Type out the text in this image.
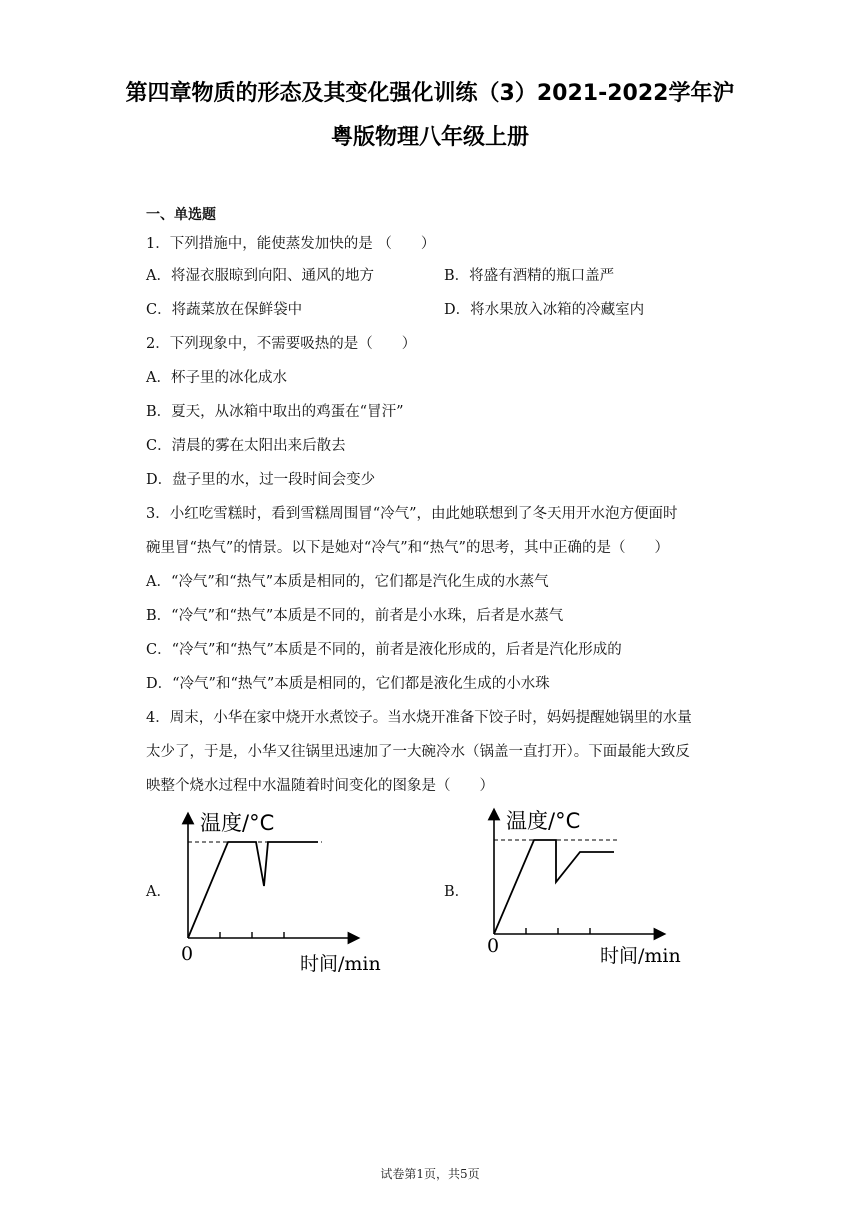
第四章物质的形态及其变化强化训练（3）2021-2022学年沪
粤版物理八年级上册
一、单选题
1．下列措施中，能使蒸发加快的是 （　　）
A．将湿衣服晾到向阳、通风的地方	B．将盛有酒精的瓶口盖严
C．将蔬菜放在保鲜袋中	D．将水果放入冰箱的冷藏室内
2．下列现象中，不需要吸热的是（　　）
A．杯子里的冰化成水
B．夏天，从冰箱中取出的鸡蛋在“冒汗”
C．清晨的雾在太阳出来后散去
D．盘子里的水，过一段时间会变少
3．小红吃雪糕时，看到雪糕周围冒“冷气”，由此她联想到了冬天用开水泡方便面时
碗里冒“热气”的情景。以下是她对“冷气”和“热气”的思考，其中正确的是（　　）
A．“冷气”和“热气”本质是相同的，它们都是汽化生成的水蒸气
B．“冷气”和“热气”本质是不同的，前者是小水珠，后者是水蒸气
C．“冷气”和“热气”本质是不同的，前者是液化形成的，后者是汽化形成的
D．“冷气”和“热气”本质是相同的，它们都是液化生成的小水珠
4．周末，小华在家中烧开水煮饺子。当水烧开准备下饺子时，妈妈提醒她锅里的水量
太少了，于是，小华又往锅里迅速加了一大碗冷水（锅盖一直打开）。下面最能大致反
映整个烧水过程中水温随着时间变化的图象是（　　）
A．
温度/°C
0	时间/min
B．
温度/°C
0	时间/min
试卷第1页，共5页
